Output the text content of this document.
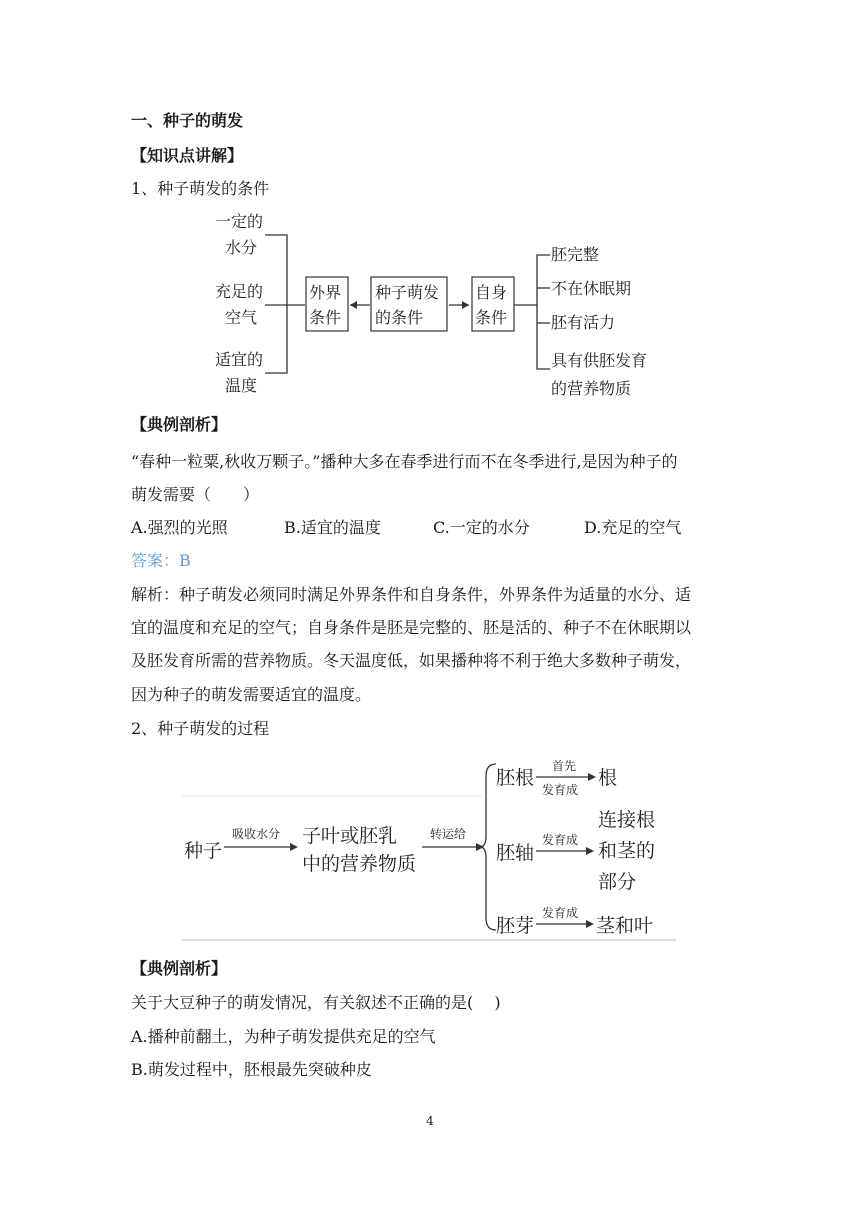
一、种子的萌发
【知识点讲解】
1、种子萌发的条件
一定的
水分
充足的
空气
适宜的
温度
外界
条件
种子萌发
的条件
自身
条件
胚完整
不在休眠期
胚有活力
具有供胚发育
的营养物质
【典例剖析】
“春种一粒粟,秋收万颗子。”播种大多在春季进行而不在冬季进行,是因为种子的
萌发需要（　　）
A.强烈的光照	B.适宜的温度	C.一定的水分	D.充足的空气
答案：B
解析：种子萌发必须同时满足外界条件和自身条件，外界条件为适量的水分、适
宜的温度和充足的空气；自身条件是胚是完整的、胚是活的、种子不在休眠期以
及胚发育所需的营养物质。冬天温度低，如果播种将不利于绝大多数种子萌发，
因为种子的萌发需要适宜的温度。
2、种子萌发的过程
种子
吸收水分 子叶或胚乳
中的营养物质
转运给
胚根
首先
发育成
根
胚轴
发育成
连接根
和茎的
部分
胚芽
发育成
茎和叶
【典例剖析】
关于大豆种子的萌发情况，有关叙述不正确的是(　 )
A.播种前翻土，为种子萌发提供充足的空气
B.萌发过程中，胚根最先突破种皮
4
